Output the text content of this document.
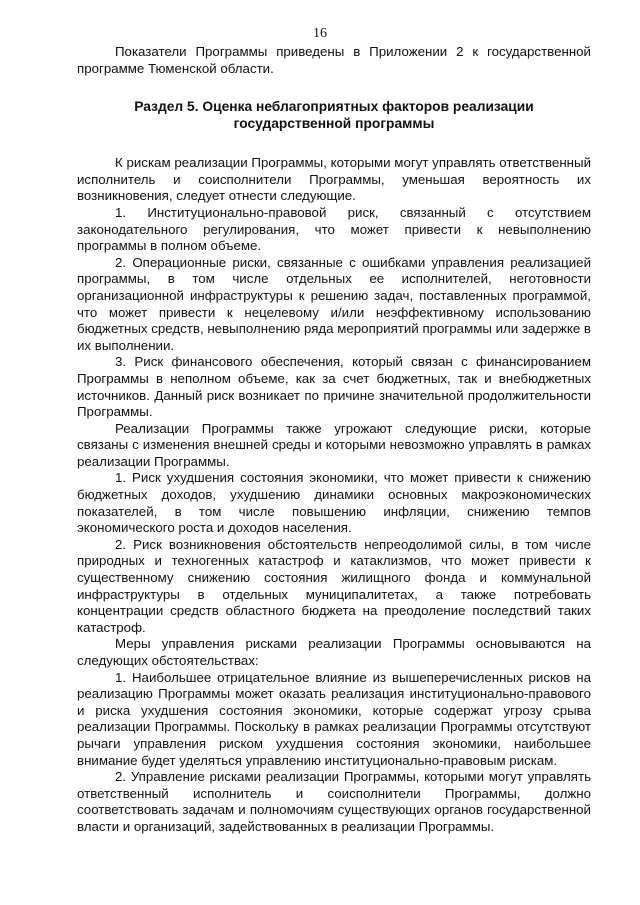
16

Показатели Программы приведены в Приложении 2 к государственной программе Тюменской области.

Раздел 5. Оценка неблагоприятных факторов реализации
государственной программы

К рискам реализации Программы, которыми могут управлять ответственный исполнитель и соисполнители Программы, уменьшая вероятность их возникновения, следует отнести следующие.

1. Институционально-правовой риск, связанный с отсутствием законодательного регулирования, что может привести к невыполнению программы в полном объеме.

2. Операционные риски, связанные с ошибками управления реализацией программы, в том числе отдельных ее исполнителей, неготовности организационной инфраструктуры к решению задач, поставленных программой, что может привести к нецелевому и/или неэффективному использованию бюджетных средств, невыполнению ряда мероприятий программы или задержке в их выполнении.

3. Риск финансового обеспечения, который связан с финансированием Программы в неполном объеме, как за счет бюджетных, так и внебюджетных источников. Данный риск возникает по причине значительной продолжительности Программы.

Реализации Программы также угрожают следующие риски, которые связаны с изменения внешней среды и которыми невозможно управлять в рамках реализации Программы.

1. Риск ухудшения состояния экономики, что может привести к снижению бюджетных доходов, ухудшению динамики основных макроэкономических показателей, в том числе повышению инфляции, снижению темпов экономического роста и доходов населения.

2. Риск возникновения обстоятельств непреодолимой силы, в том числе природных и техногенных катастроф и катаклизмов, что может привести к существенному снижению состояния жилищного фонда и коммунальной инфраструктуры в отдельных муниципалитетах, а также потребовать концентрации средств областного бюджета на преодоление последствий таких катастроф.

Меры управления рисками реализации Программы основываются на следующих обстоятельствах:

1. Наибольшее отрицательное влияние из вышеперечисленных рисков на реализацию Программы может оказать реализация институционально-правового и риска ухудшения состояния экономики, которые содержат угрозу срыва реализации Программы. Поскольку в рамках реализации Программы отсутствуют рычаги управления риском ухудшения состояния экономики, наибольшее внимание будет уделяться управлению институционально-правовым рискам.

2. Управление рисками реализации Программы, которыми могут управлять ответственный исполнитель и соисполнители Программы, должно соответствовать задачам и полномочиям существующих органов государственной власти и организаций, задействованных в реализации Программы.
